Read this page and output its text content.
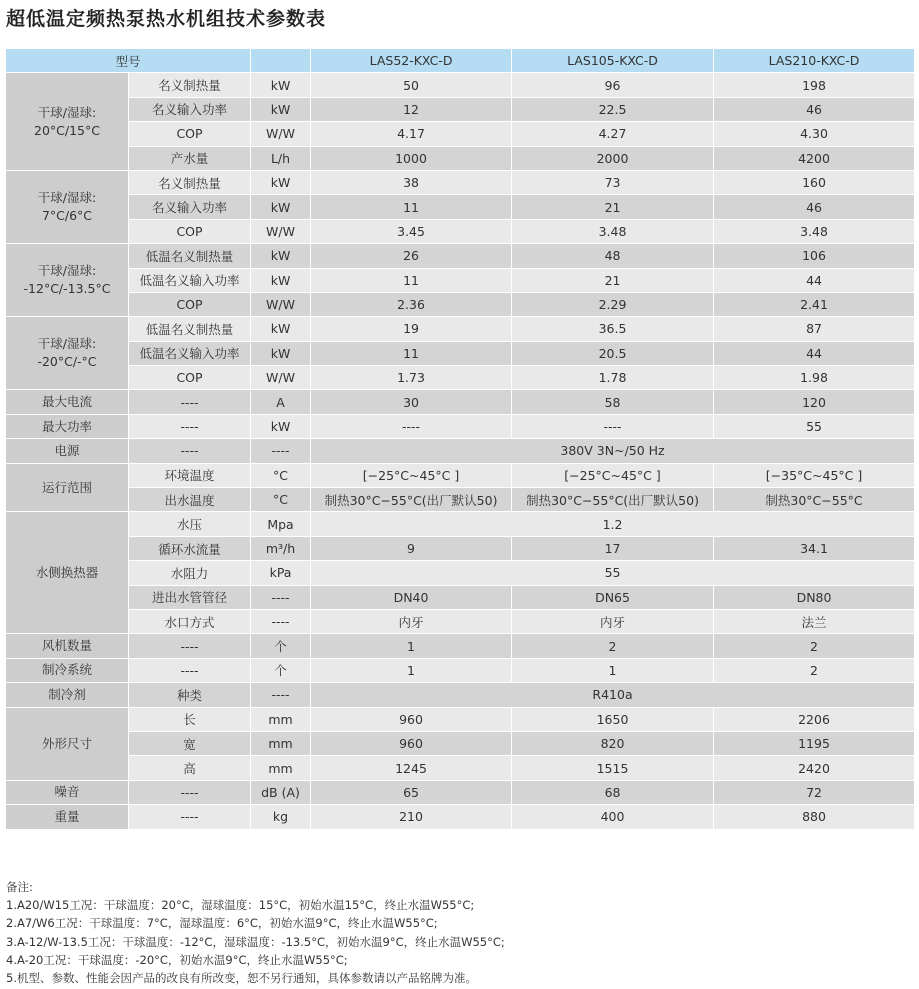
超低温定频热泵热水机组技术参数表
型号			LAS52-KXC-D	LAS105-KXC-D	LAS210-KXC-D
干球/湿球:
20°C/15°C	名义制热量	kW	50	96	198
	名义输入功率	kW	12	22.5	46
	COP	W/W	4.17	4.27	4.30
	产水量	L/h	1000	2000	4200
干球/湿球:
7°C/6°C	名义制热量	kW	38	73	160
	名义输入功率	kW	11	21	46
	COP	W/W	3.45	3.48	3.48
干球/湿球:
-12°C/-13.5°C	低温名义制热量	kW	26	48	106
	低温名义输入功率	kW	11	21	44
	COP	W/W	2.36	2.29	2.41
干球/湿球:
-20°C/-°C	低温名义制热量	kW	19	36.5	87
	低温名义输入功率	kW	11	20.5	44
	COP	W/W	1.73	1.78	1.98
最大电流	----	A	30	58	120
最大功率	----	kW	----	----	55
电源	----	----	380V 3N~/50 Hz		
运行范围	环境温度	°C	[−25°C~45°C ]	[−25°C~45°C ]	[−35°C~45°C ]
	出水温度	°C	制热30°C−55°C(出厂默认50)	制热30°C−55°C(出厂默认50)	制热30°C−55°C
水侧换热器	水压	Mpa	1.2		
	循环水流量	m³/h	9	17	34.1
	水阻力	kPa	55		
	进出水管管径	----	DN40	DN65	DN80
	水口方式	----	内牙	内牙	法兰
风机数量	----	个	1	2	2
制冷系统	----	个	1	1	2
制冷剂	种类	----	R410a		
外形尺寸	长	mm	960	1650	2206
	宽	mm	960	820	1195
	高	mm	1245	1515	2420
噪音	----	dB (A)	65	68	72
重量	----	kg	210	400	880
备注:
1.A20/W15工况：干球温度：20°C，湿球温度：15°C，初始水温15°C，终止水温W55°C;
2.A7/W6工况：干球温度：7°C，湿球温度：6°C，初始水温9°C，终止水温W55°C;
3.A-12/W-13.5工况：干球温度：-12°C，湿球温度：-13.5°C，初始水温9°C，终止水温W55°C;
4.A-20工况：干球温度：-20°C，初始水温9°C，终止水温W55°C;
5.机型、参数、性能会因产品的改良有所改变，恕不另行通知，具体参数请以产品铭牌为准。
